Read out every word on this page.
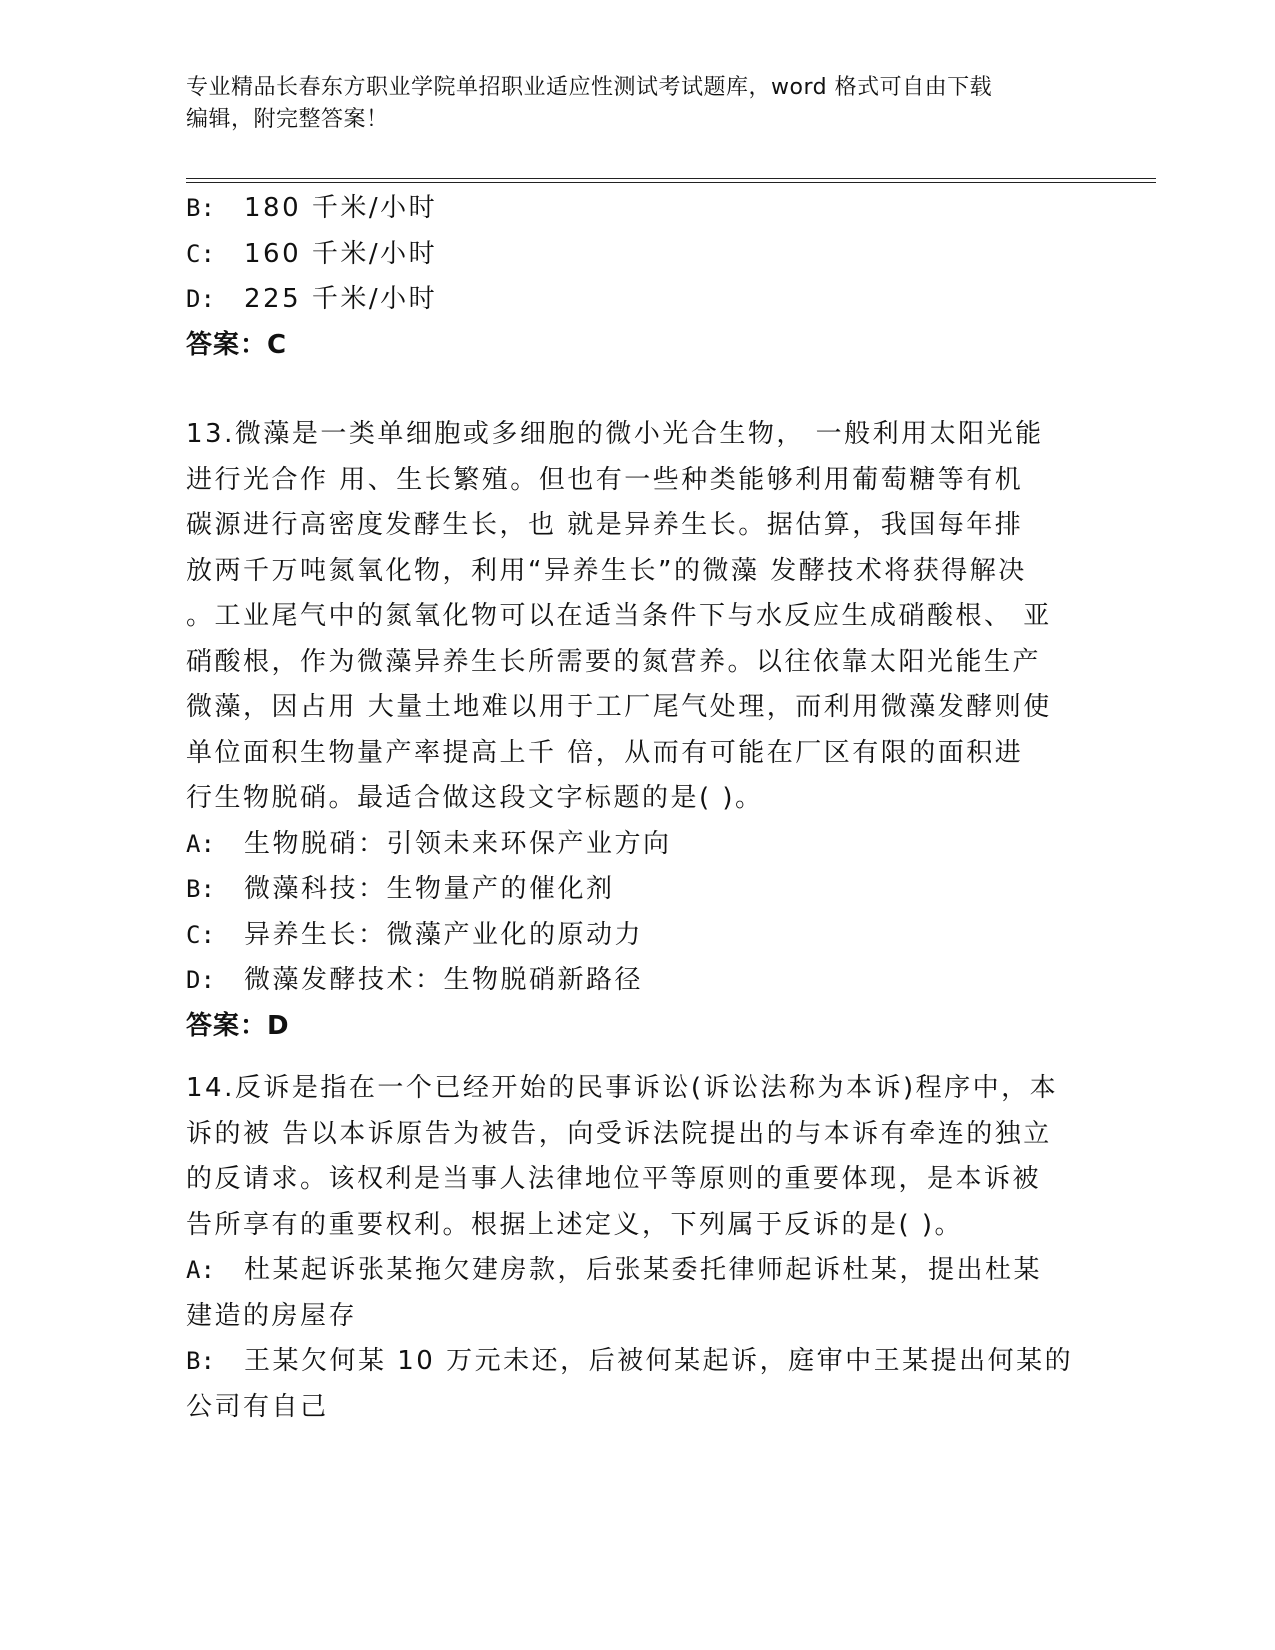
专业精品长春东方职业学院单招职业适应性测试考试题库，word 格式可自由下载
编辑，附完整答案！
B: 180 千米/小时
C: 160 千米/小时
D: 225 千米/小时
答案：C
13.微藻是一类单细胞或多细胞的微小光合生物， 一般利用太阳光能
进行光合作 用、生长繁殖。但也有一些种类能够利用葡萄糖等有机
碳源进行高密度发酵生长，也 就是异养生长。据估算，我国每年排
放两千万吨氮氧化物，利用“异养生长”的微藻 发酵技术将获得解决
。工业尾气中的氮氧化物可以在适当条件下与水反应生成硝酸根、 亚
硝酸根，作为微藻异养生长所需要的氮营养。以往依靠太阳光能生产
微藻，因占用 大量土地难以用于工厂尾气处理，而利用微藻发酵则使
单位面积生物量产率提高上千 倍，从而有可能在厂区有限的面积进
行生物脱硝。最适合做这段文字标题的是( )。
A: 生物脱硝：引领未来环保产业方向
B: 微藻科技：生物量产的催化剂
C: 异养生长：微藻产业化的原动力
D: 微藻发酵技术：生物脱硝新路径
答案：D
14.反诉是指在一个已经开始的民事诉讼(诉讼法称为本诉)程序中，本
诉的被 告以本诉原告为被告，向受诉法院提出的与本诉有牵连的独立
的反请求。该权利是当事人法律地位平等原则的重要体现，是本诉被
告所享有的重要权利。根据上述定义，下列属于反诉的是( )。
A: 杜某起诉张某拖欠建房款，后张某委托律师起诉杜某，提出杜某
建造的房屋存
B: 王某欠何某 10 万元未还，后被何某起诉，庭审中王某提出何某的
公司有自己
